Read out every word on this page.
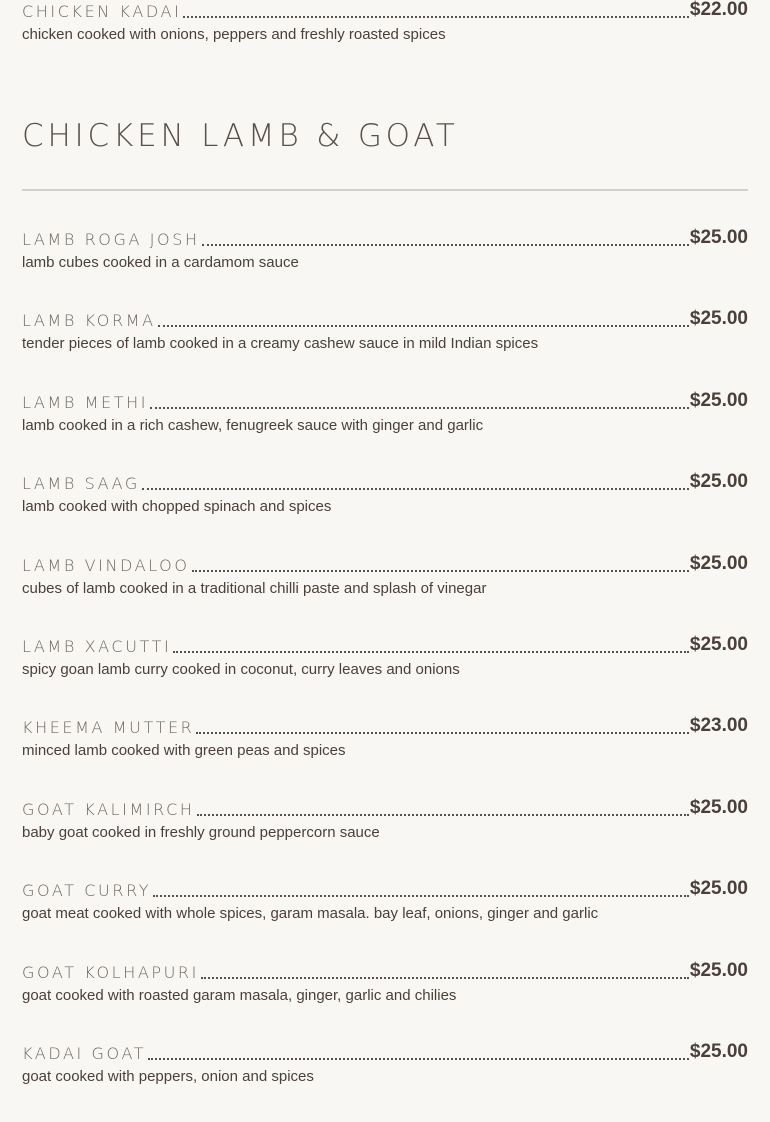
CHICKEN KADAI	$22.00
chicken cooked with onions, peppers and freshly roasted spices
CHICKEN LAMB & GOAT
LAMB ROGA JOSH	$25.00
lamb cubes cooked in a cardamom sauce
LAMB KORMA	$25.00
tender pieces of lamb cooked in a creamy cashew sauce in mild Indian spices
LAMB METHI	$25.00
lamb cooked in a rich cashew, fenugreek sauce with ginger and garlic
LAMB SAAG	$25.00
lamb cooked with chopped spinach and spices
LAMB VINDALOO	$25.00
cubes of lamb cooked in a traditional chilli paste and splash of vinegar
LAMB XACUTTI	$25.00
spicy goan lamb curry cooked in coconut, curry leaves and onions
KHEEMA MUTTER	$23.00
minced lamb cooked with green peas and spices
GOAT KALIMIRCH	$25.00
baby goat cooked in freshly ground peppercorn sauce
GOAT CURRY	$25.00
goat meat cooked with whole spices, garam masala. bay leaf, onions, ginger and garlic
GOAT KOLHAPURI	$25.00
goat cooked with roasted garam masala, ginger, garlic and chilies
KADAI GOAT	$25.00
goat cooked with peppers, onion and spices
